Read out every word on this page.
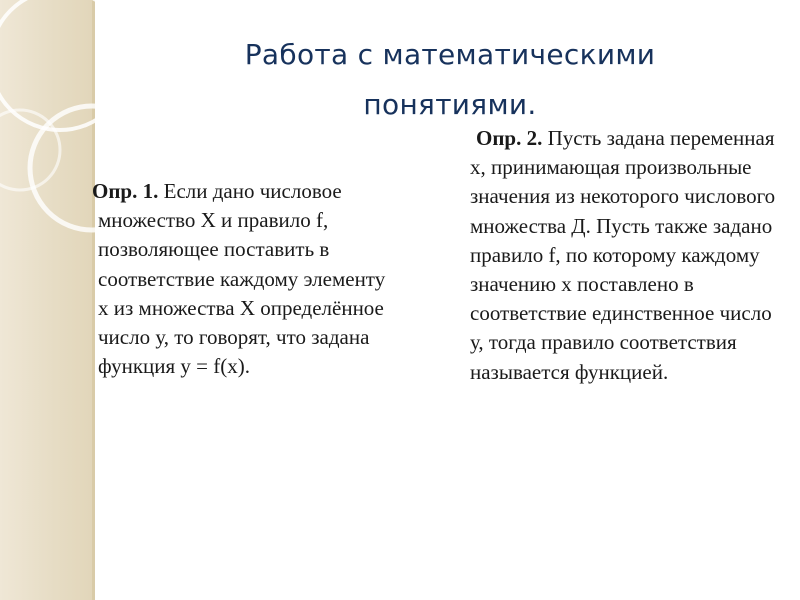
Работа с математическими
понятиями.

Опр. 1. Если дано числовое множество Х и правило f, позволяющее поставить в соответствие каждому элементу х из множества Х определённое число у, то говорят, что задана функция у = f(x).

Опр. 2. Пусть задана переменная х, принимающая произвольные значения из некоторого числового множества Д. Пусть также задано правило f, по которому каждому значению х поставлено в соответствие единственное число у, тогда правило соответствия называется функцией.
